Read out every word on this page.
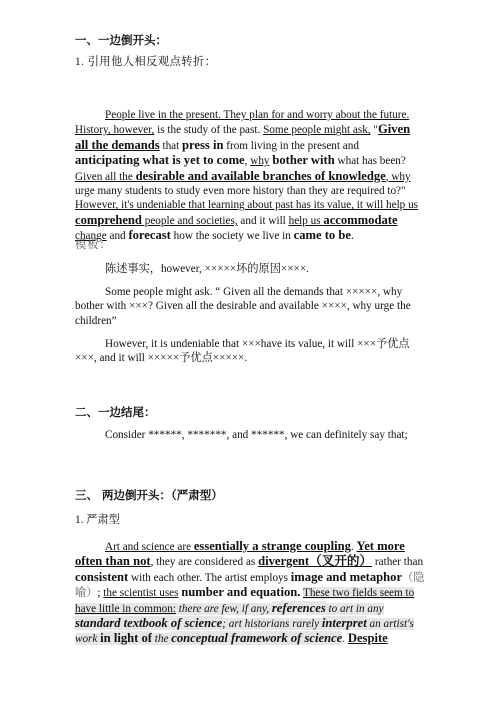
一、一边倒开头：
1. 引用他人相反观点转折：
People live in the present. They plan for and worry about the future. History, however, is the study of the past. Some people might ask, "Given all the demands that press in from living in the present and anticipating what is yet to come, why bother with what has been? Given all the desirable and available branches of knowledge, why urge many students to study even more history than they are required to?" However, it's undeniable that learning about past has its value, it will help us comprehend people and societies, and it will help us accommodate change and forecast how the society we live in came to be.
模板：
陈述事实，however, ×××××坏的原因××××.
Some people might ask. “ Given all the demands that ×××××, why bother with ×××? Given all the desirable and available ××××, why urge the children”
However, it is undeniable that ×××have its value, it will ×××予优点×××, and it will ×××××予优点×××××.
二、一边结尾：
Consider ******, *******, and ******, we can definitely say that;
三、 两边倒开头：（严肃型）
1. 严肃型
Art and science are essentially a strange coupling. Yet more often than not, they are considered as divergent（叉开的） rather than consistent with each other. The artist employs image and metaphor（隐喻）; the scientist uses number and equation. These two fields seem to have little in common: there are few, if any, references to art in any standard textbook of science; art historians rarely interpret an artist's work in light of the conceptual framework of science. Despite
